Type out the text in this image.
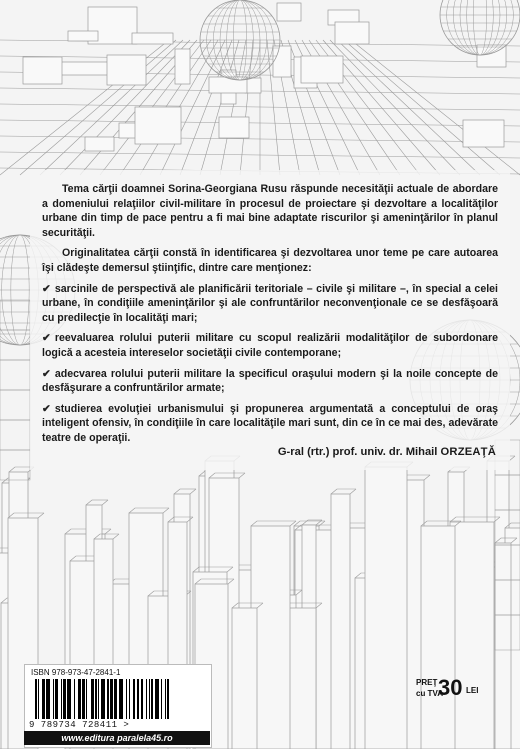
Tema cărţii doamnei Sorina-Georgiana Rusu răspunde necesităţii actuale de abordare a domeniului relaţiilor civil-militare în procesul de proiectare şi dezvoltare a localităţilor urbane din timp de pace pentru a fi mai bine adaptate riscurilor şi ameninţărilor în planul securităţii.

Originalitatea cărţii constă în identificarea şi dezvoltarea unor teme pe care autoarea îşi clădeşte demersul ştiinţific, dintre care menţionez:

✔ sarcinile de perspectivă ale planificării teritoriale – civile şi militare –, în special a celei urbane, în condiţiile ameninţărilor şi ale confruntărilor neconvenţionale ce se desfăşoară cu predilecţie în localităţi mari;
✔ reevaluarea rolului puterii militare cu scopul realizării modalităţilor de subordonare logică a acesteia intereselor societăţii civile contemporane;
✔ adecvarea rolului puterii militare la specificul oraşului modern şi la noile concepte de desfăşurare a confruntărilor armate;
✔ studierea evoluţiei urbanismului şi propunerea argumentată a conceptului de oraş inteligent ofensiv, în condiţiile în care localităţile mari sunt, din ce în ce mai des, adevărate teatre de operaţii.
G-ral (rtr.) prof. univ. dr. Mihail ORZEAŢĂ
ISBN 978-973-47-2841-1
9 789734 728411 >
www.editura paralela45.ro
PREŢ
cu TVA
30 LEI
